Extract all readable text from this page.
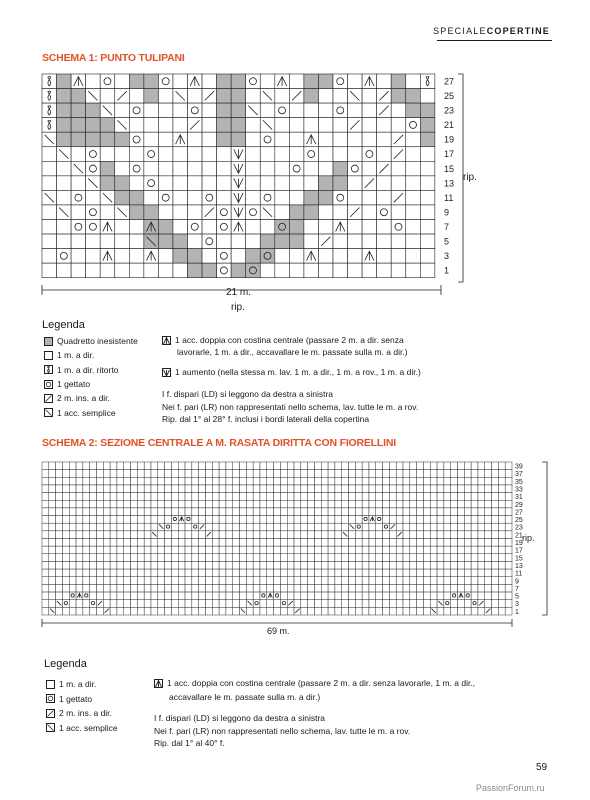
SPECIALECOPERTINE
SCHEMA 1: PUNTO TULIPANI
27
25
23
21
19
17
15
13
11
9
7
5
3
1
39
37
35
33
31
29
27
25
23
21
19
17
15
13
11
9
7
5
3
1
rip.
21 m.
rip.
Legenda
Quadretto inesistente
1 m. a dir.
1 m. a dir. ritorto
1 gettato
2 m. ins. a dir.
1 acc. semplice
1 acc. doppia con costina centrale (passare 2 m. a dir. senza
lavorarle, 1 m. a dir., accavallare le m. passate sulla m. a dir.)
1 aumento (nella stessa m. lav. 1 m. a dir., 1 m. a rov., 1 m. a dir.)
I f. dispari (LD) si leggono da destra a sinistra
Nei f. pari (LR) non rappresentati nello schema, lav. tutte le m. a rov.
Rip. dal 1° al 28° f. inclusi i bordi laterali della copertina
SCHEMA 2: SEZIONE CENTRALE A M. RASATA DIRITTA CON FIORELLINI
rip.
69 m.
Legenda
1 m. a dir.
1 gettato
2 m. ins. a dir.
1 acc. semplice
1 acc. doppia con costina centrale (passare 2 m. a dir. senza lavorarle, 1 m. a dir.,
accavallare le m. passate sulla m. a dir.)
I f. dispari (LD) si leggono da destra a sinistra
Nei f. pari (LR) non rappresentati nello schema, lav. tutte le m. a rov.
Rip. dal 1° al 40° f.
59
PassionForum.ru
